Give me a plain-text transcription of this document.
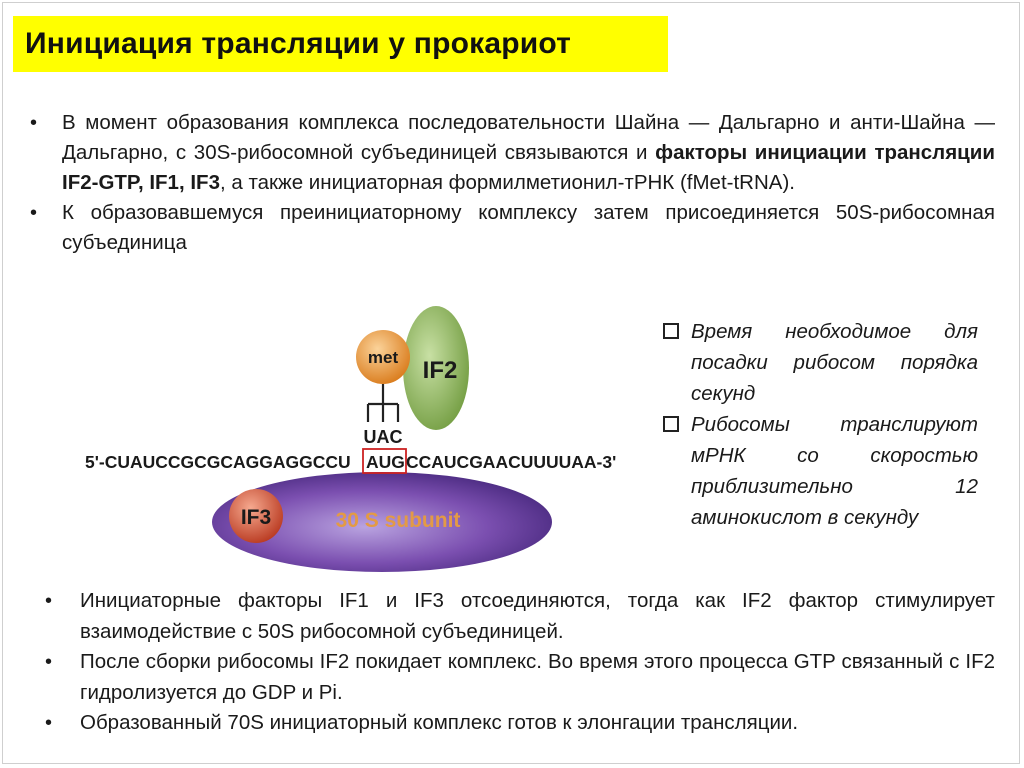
Инициация трансляции у прокариот
• В момент образования комплекса последовательности Шайна — Дальгарно и анти-Шайна — Дальгарно, с 30S-рибосомной субъединицей связываются и факторы инициации трансляции IF2-GTP, IF1, IF3, а также инициаторная формилметионил-тРНК (fMet-tRNA).
• К образовавшемуся преинициаторному комплексу затем присоединяется 50S-рибосомная субъединица
30 S subunit
IF2
met
UAC
5'-CUAUCCGCGCAGGAGGCCU AUG CCAUCGAACUUUUAA-3'
IF3
Время необходимое для посадки рибосом порядка секунд
Рибосомы транслируют мРНК со скоростью приблизительно 12 аминокислот в секунду
• Инициаторные факторы IF1 и IF3 отсоединяются, тогда как IF2 фактор стимулирует взаимодействие с 50S рибосомной субъединицей.
• После сборки рибосомы IF2 покидает комплекс. Во время этого процесса GTP связанный с IF2 гидролизуется до GDP и Pi.
• Образованный 70S инициаторный комплекс готов к элонгации трансляции.
